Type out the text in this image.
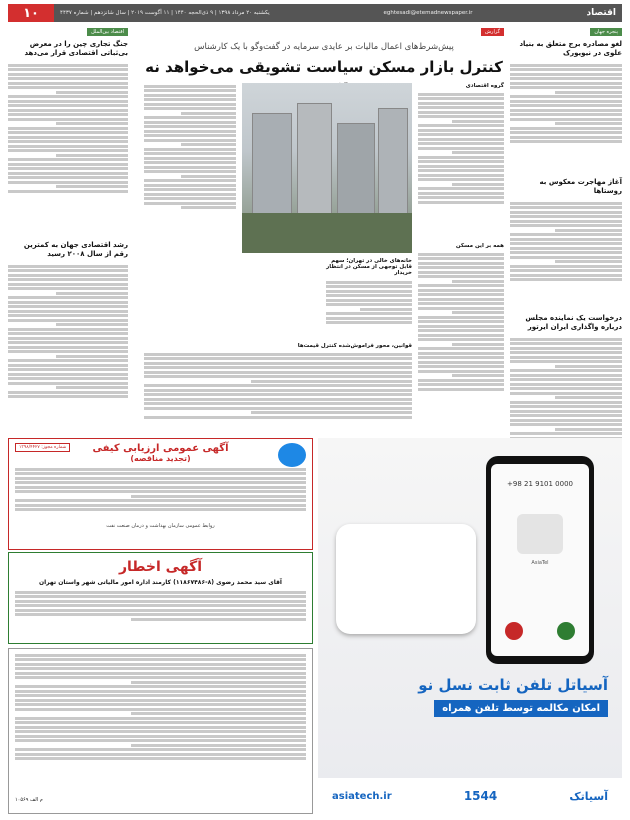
۱۰	یکشنبه ۲۰ مرداد ۱۳۹۸ | ۹ ذی‌الحجه ۱۴۴۰ | ۱۱ آگوست ۲۰۱۹ | سال شانزدهم | شماره ۴۴۳۷	eghtesadi@etemadnewspaper.ir	اقتصاد
پنجره جهان
لغو مصادره برج متعلق به بنیاد علوی در نیویورک
آغاز مهاجرت معکوس به روستاها
درخواست یک نماینده مجلس درباره واگذاری ایران ایرتور
گزارش
پیش‌شرط‌های اعمال مالیات بر عایدی سرمایه در گفت‌وگو با یک کارشناس
کنترل بازار مسکن سیاست تشویقی می‌خواهد نه
گروه اقتصادی
همه بر این مسکن
خانه‌های خالی در تهران؛ سهم قابل توجهی از مسکن در انتظار خریدار
قوانین، محور فراموش‌شده کنترل قیمت‌ها
اقتصاد بین‌الملل
جنگ تجاری چین را در معرض بی‌ثباتی اقتصادی قرار می‌دهد
رشد اقتصادی جهان به کمترین رقم از سال ۲۰۰۸ رسید
آگهی عمومی ارزیابی کیفی
(تجدید مناقصه)
شماره مجوز: ۱۳۹۸/۴۴۲۷
روابط عمومی سازمان بهداشت و درمان صنعت نفت
آگهی اخطار
آقای سید محمد رضوی (۸-۱۱۸۶۷۴۸۶) کارمند اداره امور مالیاتی شهر واستان تهران
م الف ۱۰۵۶۹
+98 21 9101 0000
AsiaTel
آسیاتل تلفن ثابت نسل نو
امکان مکالمه توسط تلفن همراه
asiatech.ir	1544	آسیاتک
